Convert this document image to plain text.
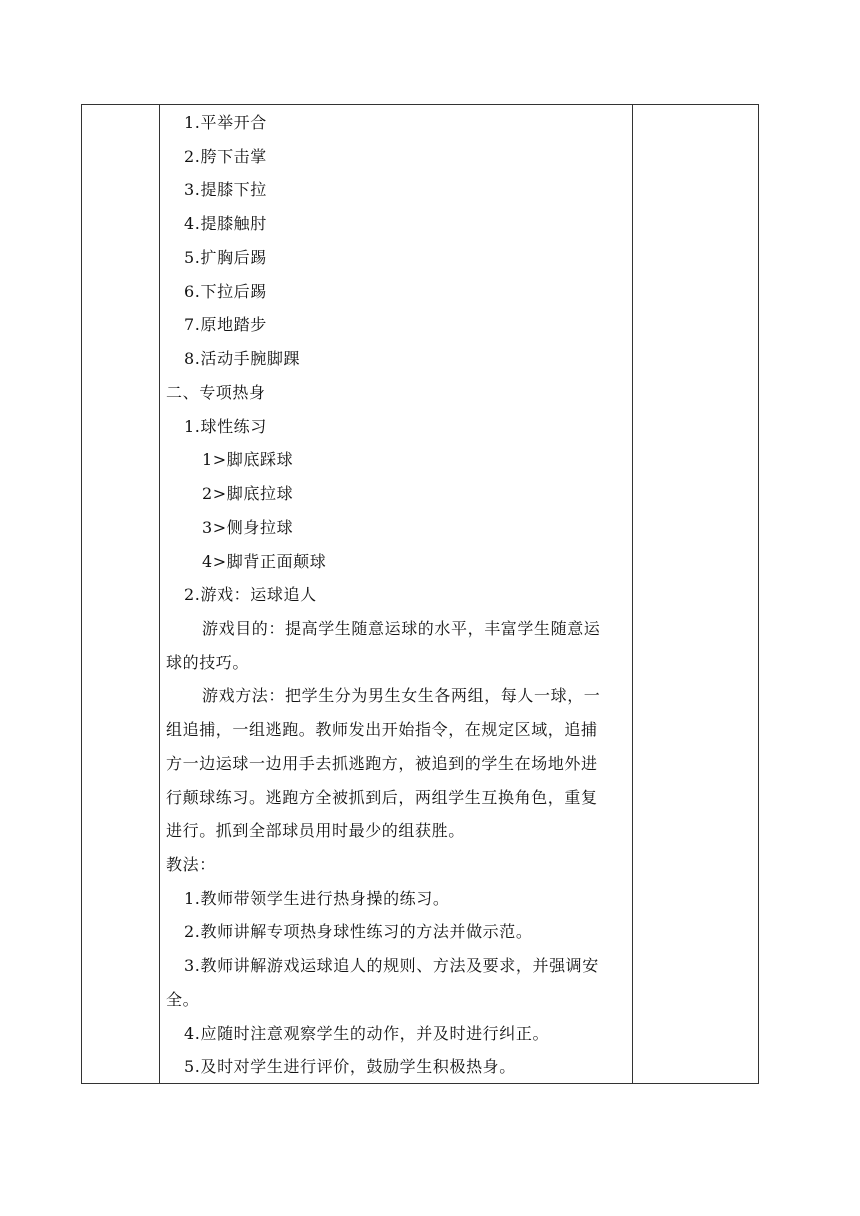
1.平举开合
2.胯下击掌
3.提膝下拉
4.提膝触肘
5.扩胸后踢
6.下拉后踢
7.原地踏步
8.活动手腕脚踝
二、专项热身
1.球性练习
1>脚底踩球
2>脚底拉球
3>侧身拉球
4>脚背正面颠球
2.游戏：运球追人
游戏目的：提高学生随意运球的水平，丰富学生随意运
球的技巧。
游戏方法：把学生分为男生女生各两组，每人一球，一
组追捕，一组逃跑。教师发出开始指令，在规定区域，追捕
方一边运球一边用手去抓逃跑方，被追到的学生在场地外进
行颠球练习。逃跑方全被抓到后，两组学生互换角色，重复
进行。抓到全部球员用时最少的组获胜。
教法：
1.教师带领学生进行热身操的练习。
2.教师讲解专项热身球性练习的方法并做示范。
3.教师讲解游戏运球追人的规则、方法及要求，并强调安
全。
4.应随时注意观察学生的动作，并及时进行纠正。
5.及时对学生进行评价，鼓励学生积极热身。
